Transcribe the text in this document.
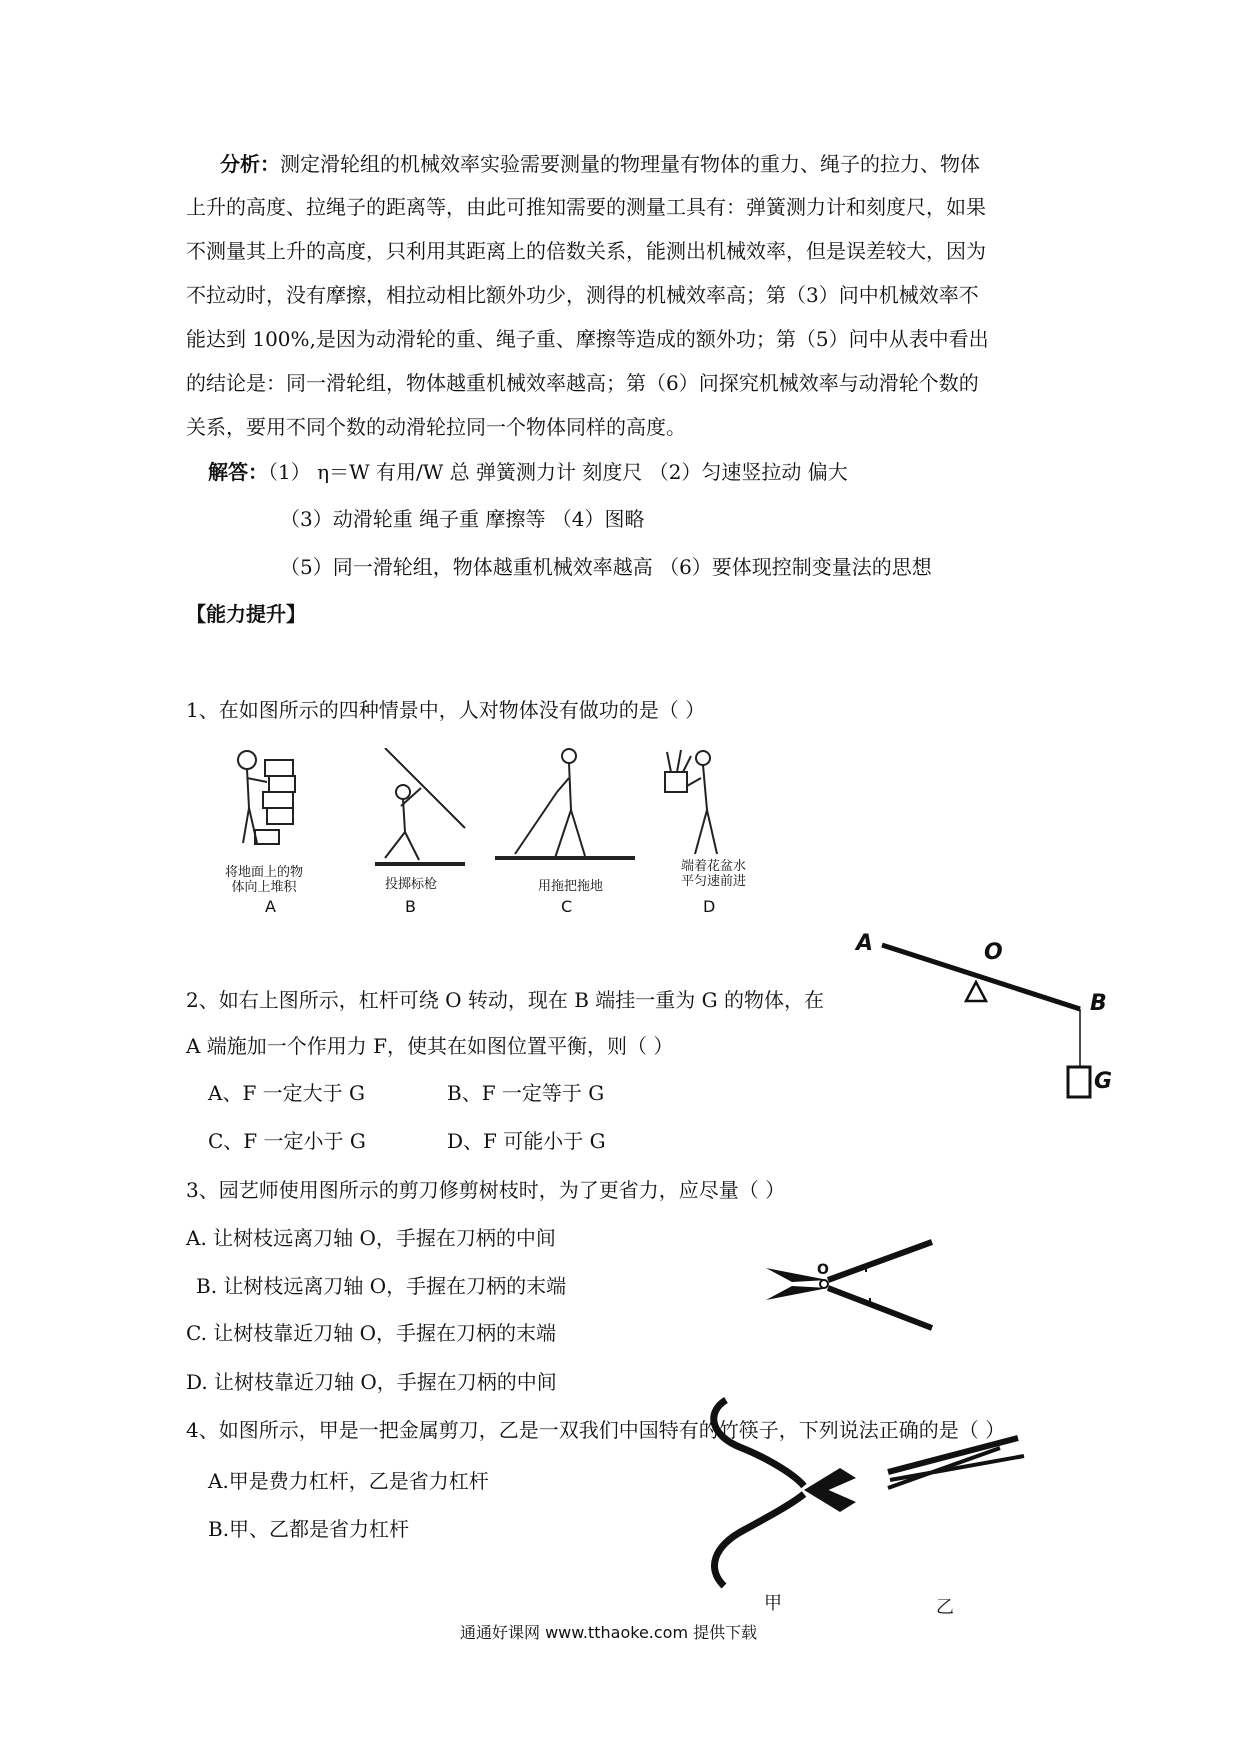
分析：测定滑轮组的机械效率实验需要测量的物理量有物体的重力、绳子的拉力、物体
上升的高度、拉绳子的距离等，由此可推知需要的测量工具有：弹簧测力计和刻度尺，如果
不测量其上升的高度，只利用其距离上的倍数关系，能测出机械效率，但是误差较大，因为
不拉动时，没有摩擦，相拉动相比额外功少，测得的机械效率高；第（3）问中机械效率不
能达到 100%,是因为动滑轮的重、绳子重、摩擦等造成的额外功；第（5）问中从表中看出
的结论是：同一滑轮组，物体越重机械效率越高；第（6）问探究机械效率与动滑轮个数的
关系，要用不同个数的动滑轮拉同一个物体同样的高度。
解答：（1） η＝W 有用/W 总 弹簧测力计 刻度尺 （2）匀速竖拉动 偏大
（3）动滑轮重 绳子重 摩擦等 （4）图略
（5）同一滑轮组，物体越重机械效率越高 （6）要体现控制变量法的思想
【能力提升】
1、在如图所示的四种情景中，人对物体没有做功的是（ ）
将地面上的物
体向上堆积
A
投掷标枪
B
用拖把拖地
C
端着花盆水
平匀速前进
D
2、如右上图所示，杠杆可绕 O 转动，现在 B 端挂一重为 G 的物体，在
A 端施加一个作用力 F，使其在如图位置平衡，则（ ）
A、F 一定大于 G	B、F 一定等于 G
C、F 一定小于 G	D、F 可能小于 G
A	O
B
G
3、园艺师使用图所示的剪刀修剪树枝时，为了更省力，应尽量（ ）
A. 让树枝远离刀轴 O，手握在刀柄的中间
B. 让树枝远离刀轴 O，手握在刀柄的末端
C. 让树枝靠近刀轴 O，手握在刀柄的末端
D. 让树枝靠近刀轴 O，手握在刀柄的中间
O
4、如图所示，甲是一把金属剪刀，乙是一双我们中国特有的竹筷子，下列说法正确的是（ ）
A.甲是费力杠杆，乙是省力杠杆
B.甲、乙都是省力杠杆
甲	乙
通通好课网 www.tthaoke.com 提供下载
